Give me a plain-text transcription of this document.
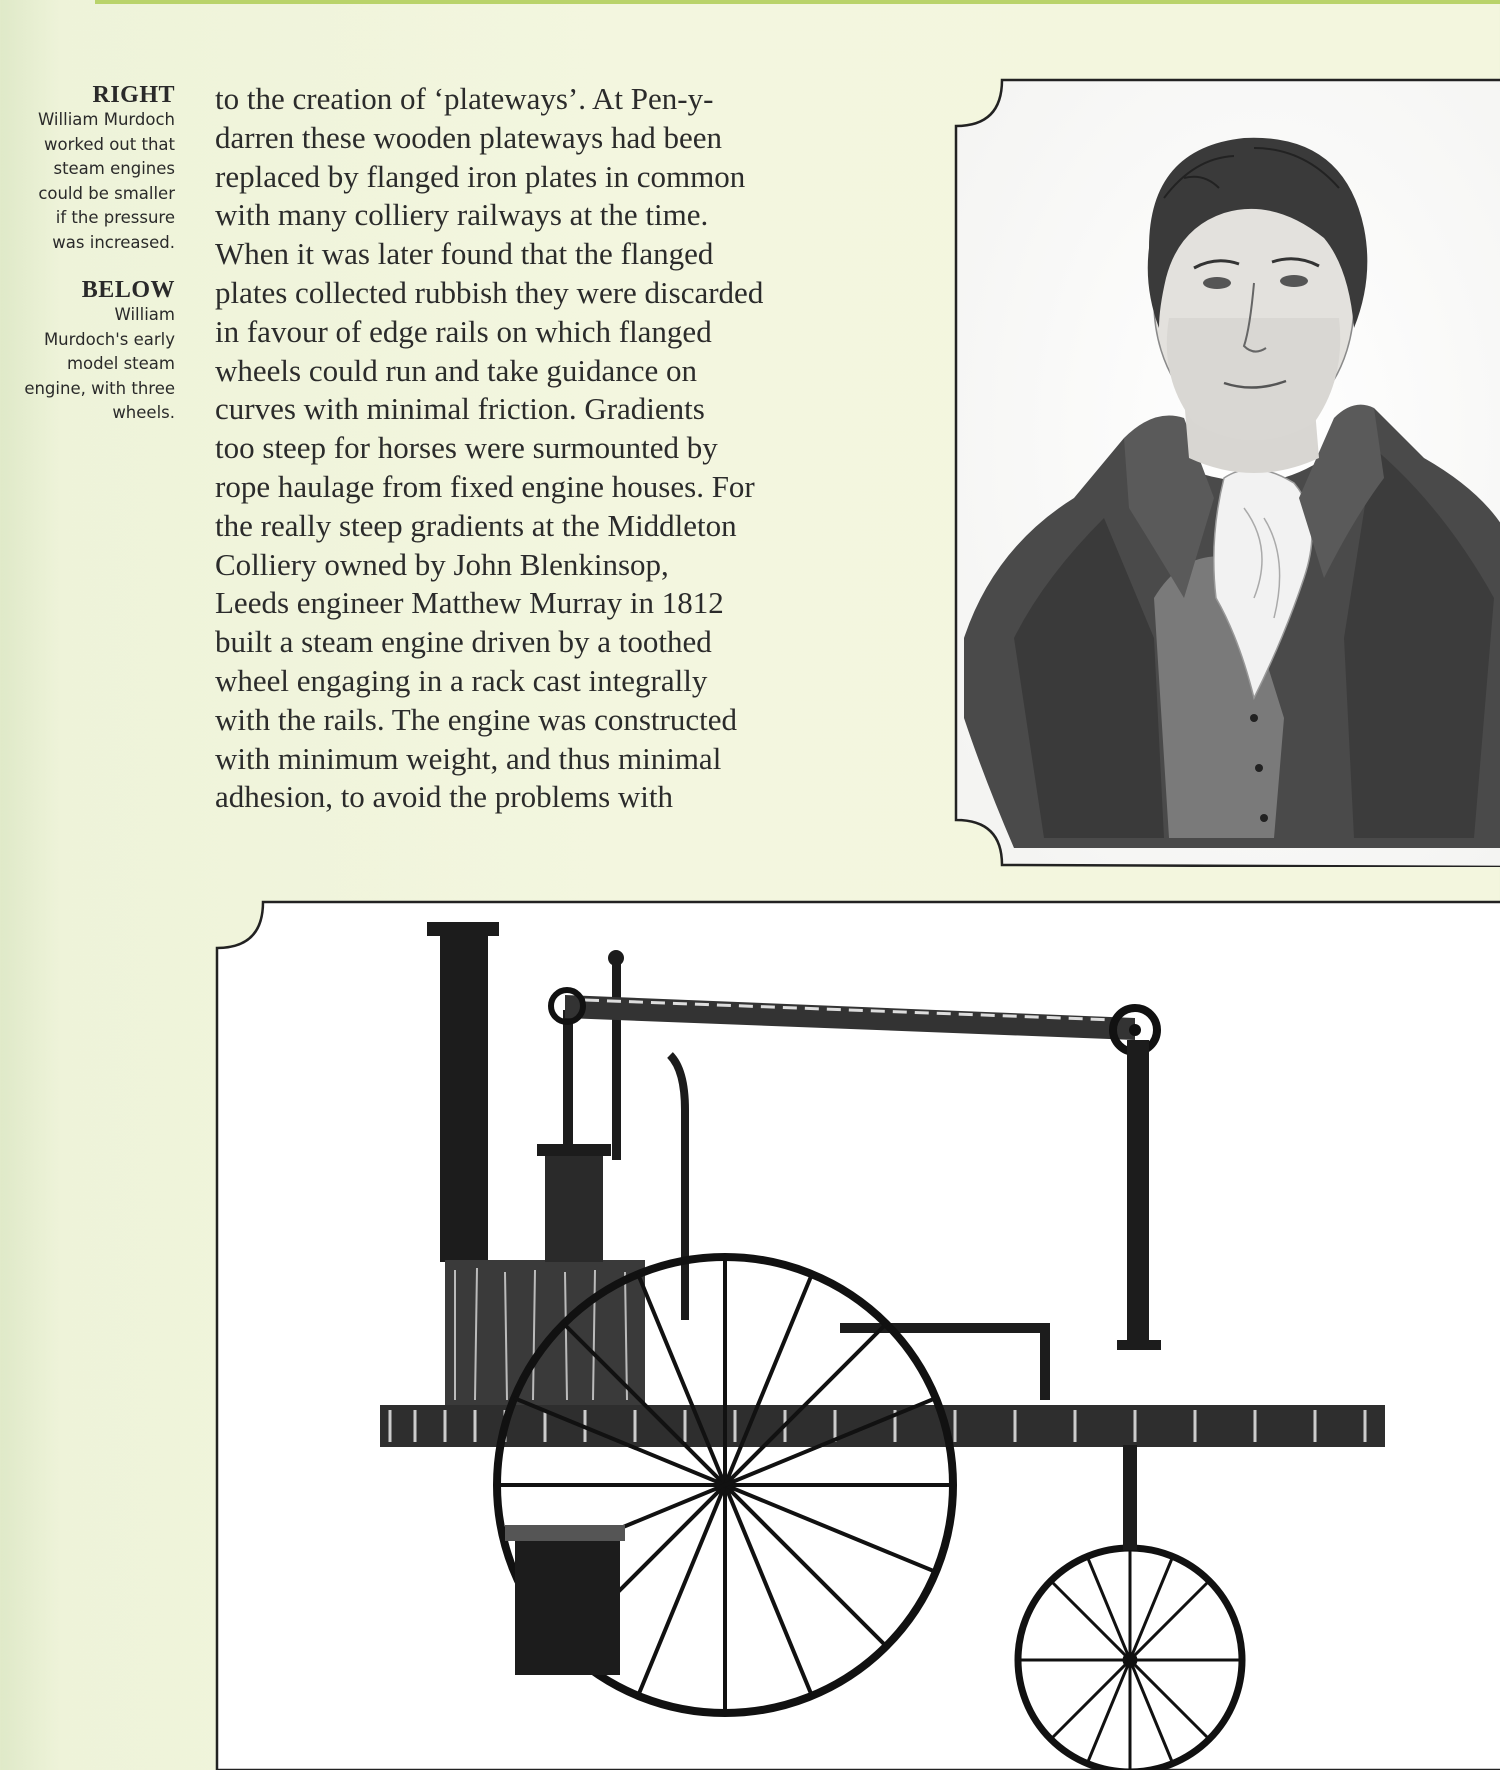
RIGHT
William Murdoch
worked out that
steam engines
could be smaller
if the pressure
was increased.
BELOW
William
Murdoch's early
model steam
engine, with three
wheels.
to the creation of ‘plateways’. At Pen-y-
darren these wooden plateways had been
replaced by flanged iron plates in common
with many colliery railways at the time.
When it was later found that the flanged
plates collected rubbish they were discarded
in favour of edge rails on which flanged
wheels could run and take guidance on
curves with minimal friction. Gradients
too steep for horses were surmounted by
rope haulage from fixed engine houses. For
the really steep gradients at the Middleton
Colliery owned by John Blenkinsop,
Leeds engineer Matthew Murray in 1812
built a steam engine driven by a toothed
wheel engaging in a rack cast integrally
with the rails. The engine was constructed
with minimum weight, and thus minimal
adhesion, to avoid the problems with
